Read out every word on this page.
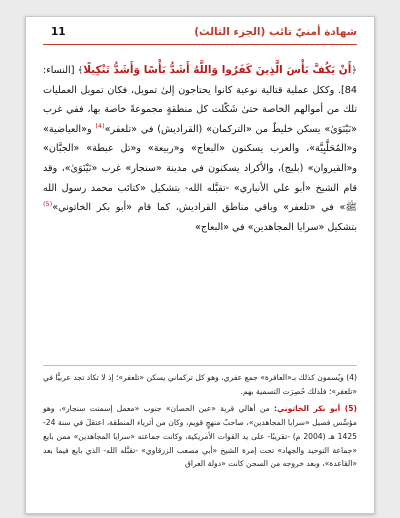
شهادة أمنيّ تائب (الجزء الثالث)
11

﴿أَنْ يَكُفَّ بَأْسَ الَّذِينَ كَفَرُوا وَاللَّهُ أَشَدُّ بَأْسًا وَأَشَدُّ تَنْكِيلًا﴾ [النساء: 84]. وككل عملية قتالية نوعية كانوا يحتاجون إلىٰ تمويل، فكان تمويل العمليات تلك من أموالهم الخاصة حتىٰ شَكّلت كل منطقةٍ مجموعةً خاصة بها، ففي غرب «نَيْنَوَىٰ» يسكن خليطٌ من «التركمان» (القراديش) في «تلعفر»$^{(4)}$ و«العياضية» و«المُحَلَّبِيَّة»، والعرب يسكنون «البعاج» و«ربيعة» و«تل عبطة» «الجبَّان» و«القيروان» (بليج)، والأكراد يسكنون في مدينة «سنجار» غرب «نَيْنَوَىٰ»، وقد قام الشيخ «أبو علي الأنباري» -تقبَّله الله- بتشكيل «كتائب محمد رسول الله ﷺ» في «تلعفر» وباقي مناطق القراديش، كما قام «أبو بكر الخاتوني»$^{(5)}$ بتشكيل «سرايا المجاهدين» في «البعاج»

(4) ويُسمون كذلك بـ«العافرة» جمع عفري، وهو كل تركماني يسكن «تلعفر»؛ إذ لا تكاد تجد عربيًّا في «تلعفر»؛ فلذلك حُصِرَت التسمية بهم.

(5) أبو بكر الخاتوني: من أهالي قرية «عين الحصان» جنوب «معمل إسمنت سنجار»، وهو مؤسِّس فصيل «سرايا المجاهدين»، صاحبٌ منهجٍ قويم، وكان من أثرياء المنطقة، اعتقلَ في سنة 24-1425 هـ (2004 م) -تقريبًا- على يد القوات الأمريكية، وكانت جماعته «سرايا المجاهدين» ممن بايع «جماعة التوحيد والجهاد» تحت إمرة الشيخ «أبي مصعب الزرقاوي» -تقبَّله الله- الذي بايع فيما بعد «القاعدة»، وبعد خروجه من السجن كانت «دولة العراق
